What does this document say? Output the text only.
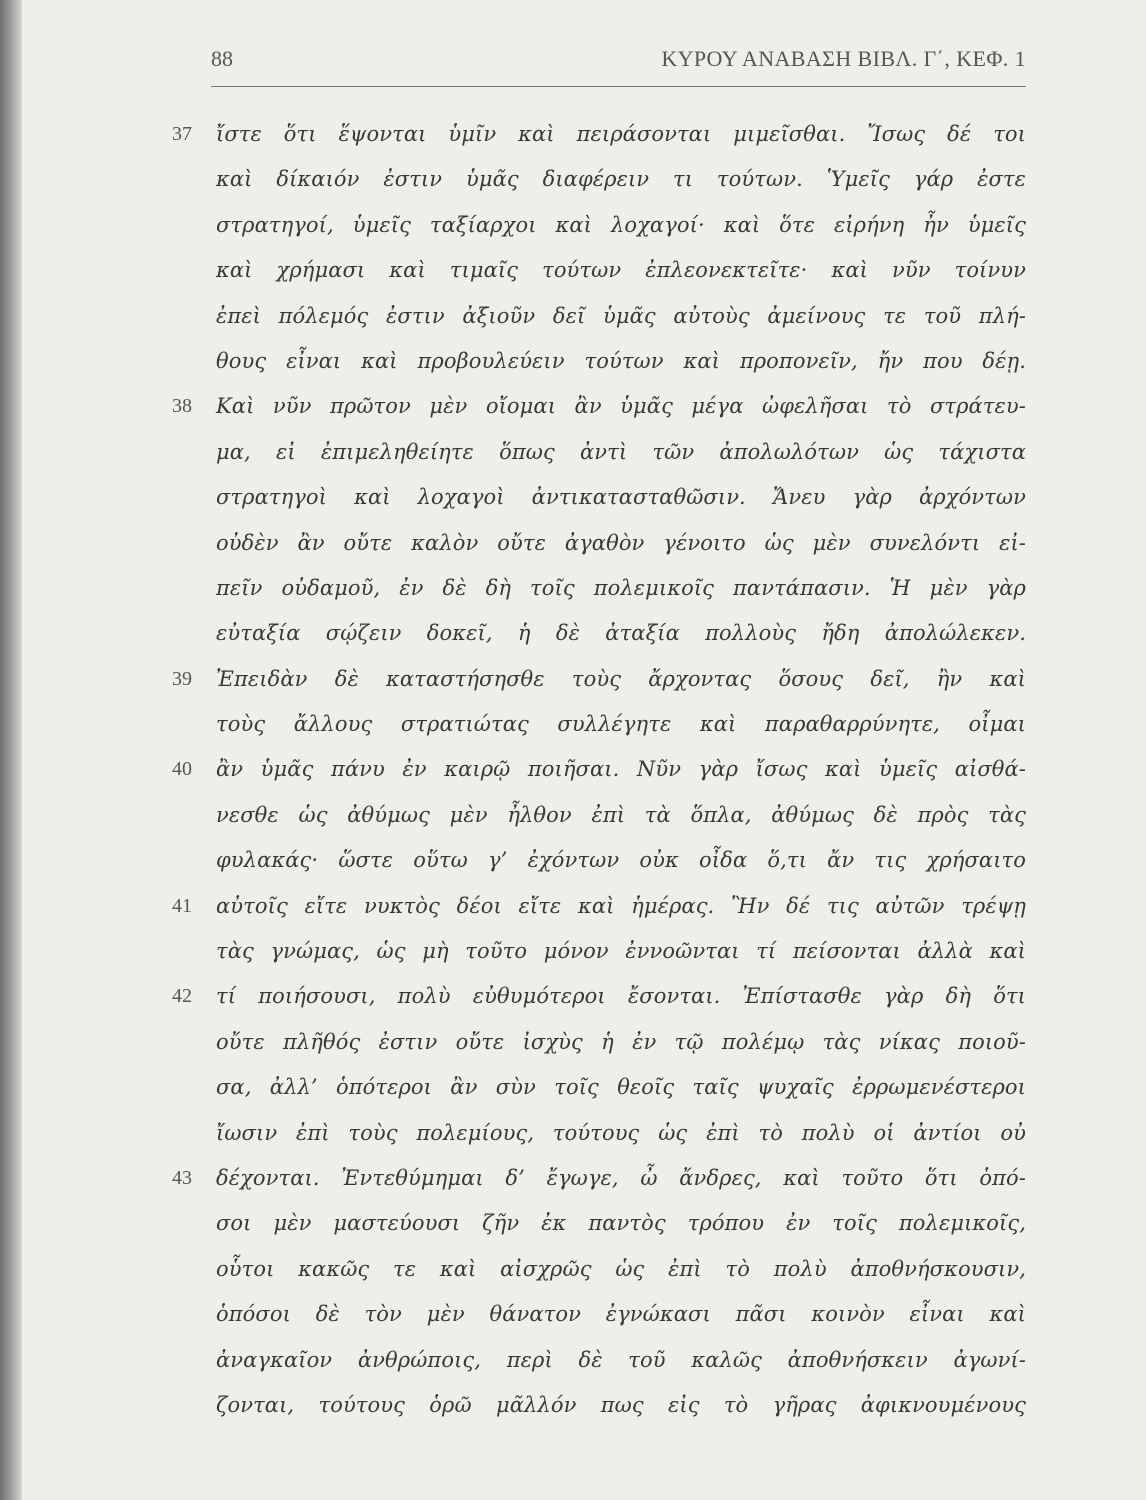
88	ΚΥΡΟΥ ΑΝΑΒΑΣΗ ΒΙΒΛ. Γ΄, ΚΕΦ. 1
37	ἴστε ὅτι ἕψονται ὑμῖν καὶ πειράσονται μιμεῖσθαι. Ἴσως δέ τοι
καὶ δίκαιόν ἐστιν ὑμᾶς διαφέρειν τι τούτων. Ὑμεῖς γάρ ἐστε
στρατηγοί, ὑμεῖς ταξίαρχοι καὶ λοχαγοί· καὶ ὅτε εἰρήνη ἦν ὑμεῖς
καὶ χρήμασι καὶ τιμαῖς τούτων ἐπλεονεκτεῖτε· καὶ νῦν τοίνυν
ἐπεὶ πόλεμός ἐστιν ἀξιοῦν δεῖ ὑμᾶς αὐτοὺς ἀμείνους τε τοῦ πλή-
θους εἶναι καὶ προβουλεύειν τούτων καὶ προπονεῖν, ἤν που δέῃ.
38	Καὶ νῦν πρῶτον μὲν οἴομαι ἂν ὑμᾶς μέγα ὠφελῆσαι τὸ στράτευ-
μα, εἰ ἐπιμεληθείητε ὅπως ἀντὶ τῶν ἀπολωλότων ὡς τάχιστα
στρατηγοὶ καὶ λοχαγοὶ ἀντικατασταθῶσιν. Ἄνευ γὰρ ἀρχόντων
οὐδὲν ἂν οὔτε καλὸν οὔτε ἀγαθὸν γένοιτο ὡς μὲν συνελόντι εἰ-
πεῖν οὐδαμοῦ, ἐν δὲ δὴ τοῖς πολεμικοῖς παντάπασιν. Ἡ μὲν γὰρ
εὐταξία σῴζειν δοκεῖ, ἡ δὲ ἀταξία πολλοὺς ἤδη ἀπολώλεκεν.
39	Ἐπειδὰν δὲ καταστήσησθε τοὺς ἄρχοντας ὅσους δεῖ, ἢν καὶ
τοὺς ἄλλους στρατιώτας συλλέγητε καὶ παραθαρρύνητε, οἶμαι
40	ἂν ὑμᾶς πάνυ ἐν καιρῷ ποιῆσαι. Νῦν γὰρ ἴσως καὶ ὑμεῖς αἰσθά-
νεσθε ὡς ἀθύμως μὲν ἦλθον ἐπὶ τὰ ὅπλα, ἀθύμως δὲ πρὸς τὰς
φυλακάς· ὥστε οὕτω γ’ ἐχόντων οὐκ οἶδα ὅ,τι ἄν τις χρήσαιτο
41	αὐτοῖς εἴτε νυκτὸς δέοι εἴτε καὶ ἡμέρας. Ἢν δέ τις αὐτῶν τρέψῃ
τὰς γνώμας, ὡς μὴ τοῦτο μόνον ἐννοῶνται τί πείσονται ἀλλὰ καὶ
42	τί ποιήσουσι, πολὺ εὐθυμότεροι ἔσονται. Ἐπίστασθε γὰρ δὴ ὅτι
οὔτε πλῆθός ἐστιν οὔτε ἰσχὺς ἡ ἐν τῷ πολέμῳ τὰς νίκας ποιοῦ-
σα, ἀλλ’ ὁπότεροι ἂν σὺν τοῖς θεοῖς ταῖς ψυχαῖς ἐρρωμενέστεροι
ἴωσιν ἐπὶ τοὺς πολεμίους, τούτους ὡς ἐπὶ τὸ πολὺ οἱ ἀντίοι οὐ
43	δέχονται. Ἐντεθύμημαι δ’ ἔγωγε, ὦ ἄνδρες, καὶ τοῦτο ὅτι ὁπό-
σοι μὲν μαστεύουσι ζῆν ἐκ παντὸς τρόπου ἐν τοῖς πολεμικοῖς,
οὗτοι κακῶς τε καὶ αἰσχρῶς ὡς ἐπὶ τὸ πολὺ ἀποθνήσκουσιν,
ὁπόσοι δὲ τὸν μὲν θάνατον ἐγνώκασι πᾶσι κοινὸν εἶναι καὶ
ἀναγκαῖον ἀνθρώποις, περὶ δὲ τοῦ καλῶς ἀποθνήσκειν ἀγωνί-
ζονται, τούτους ὁρῶ μᾶλλόν πως εἰς τὸ γῆρας ἀφικνουμένους
